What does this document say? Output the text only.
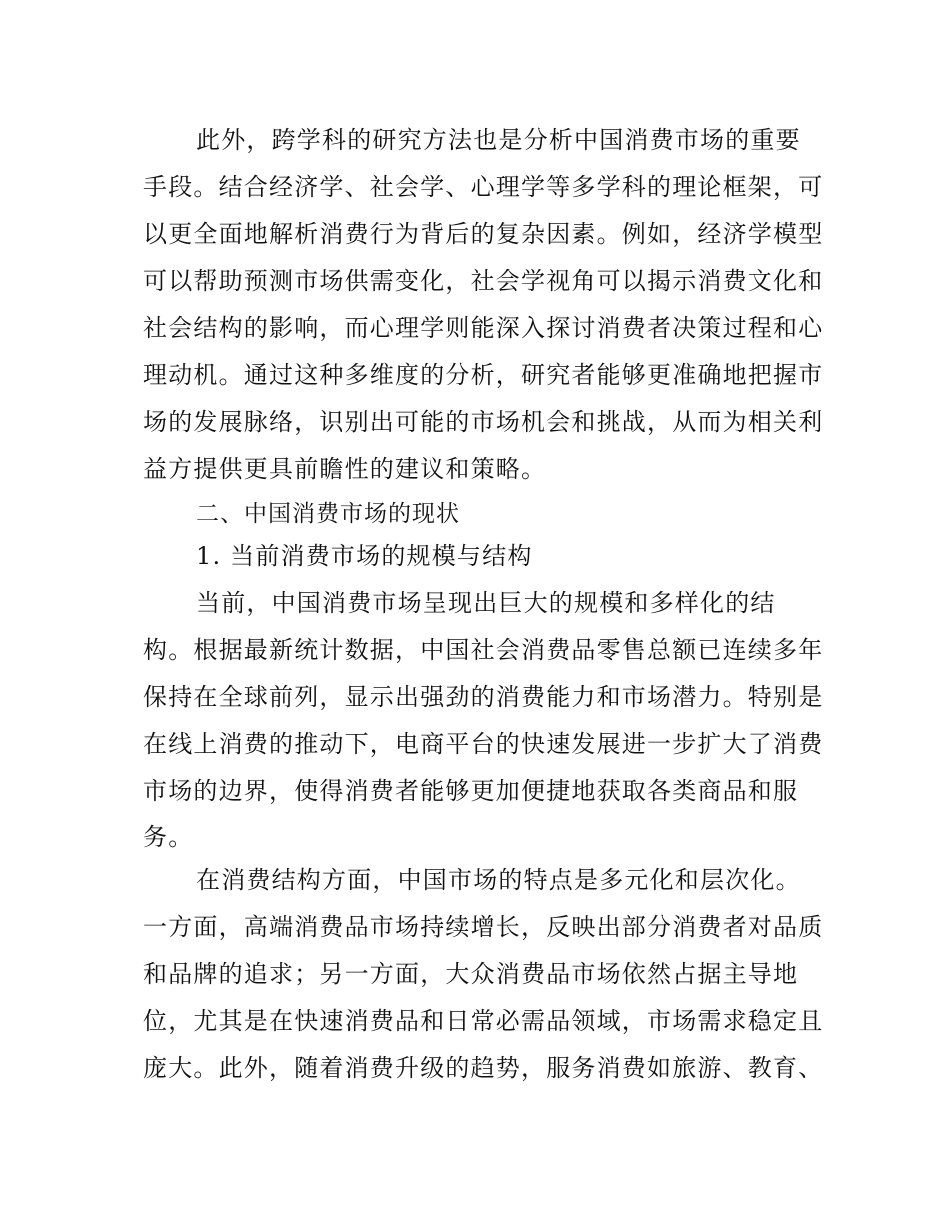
此外，跨学科的研究方法也是分析中国消费市场的重要
手段。结合经济学、社会学、心理学等多学科的理论框架，可
以更全面地解析消费行为背后的复杂因素。例如，经济学模型
可以帮助预测市场供需变化，社会学视角可以揭示消费文化和
社会结构的影响，而心理学则能深入探讨消费者决策过程和心
理动机。通过这种多维度的分析，研究者能够更准确地把握市
场的发展脉络，识别出可能的市场机会和挑战，从而为相关利
益方提供更具前瞻性的建议和策略。
二、中国消费市场的现状
1. 当前消费市场的规模与结构
当前，中国消费市场呈现出巨大的规模和多样化的结
构。根据最新统计数据，中国社会消费品零售总额已连续多年
保持在全球前列，显示出强劲的消费能力和市场潜力。特别是
在线上消费的推动下，电商平台的快速发展进一步扩大了消费
市场的边界，使得消费者能够更加便捷地获取各类商品和服
务。
在消费结构方面，中国市场的特点是多元化和层次化。
一方面，高端消费品市场持续增长，反映出部分消费者对品质
和品牌的追求；另一方面，大众消费品市场依然占据主导地
位，尤其是在快速消费品和日常必需品领域，市场需求稳定且
庞大。此外，随着消费升级的趋势，服务消费如旅游、教育、
